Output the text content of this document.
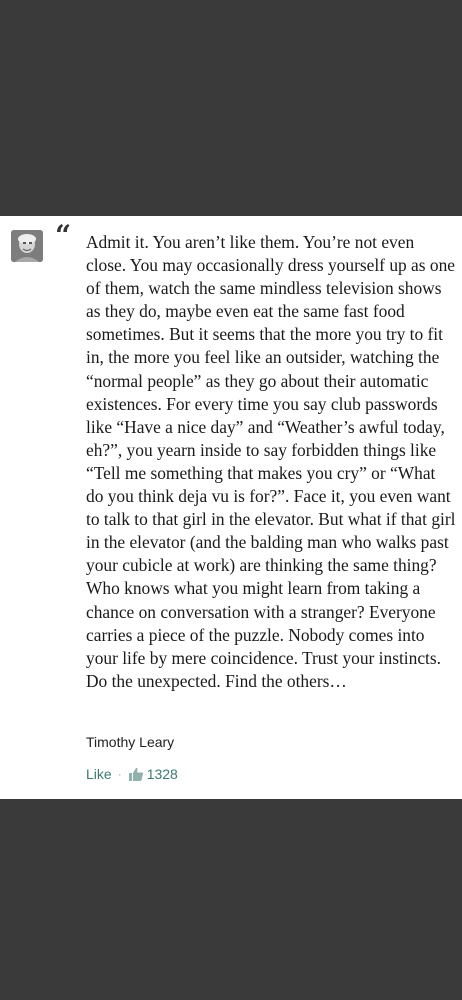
“ Admit it. You aren’t like them. You’re not even close. You may occasionally dress yourself up as one of them, watch the same mindless television shows as they do, maybe even eat the same fast food sometimes. But it seems that the more you try to fit in, the more you feel like an outsider, watching the “normal people” as they go about their automatic existences. For every time you say club passwords like “Have a nice day” and “Weather’s awful today, eh?”, you yearn inside to say forbidden things like “Tell me something that makes you cry” or “What do you think deja vu is for?”. Face it, you even want to talk to that girl in the elevator. But what if that girl in the elevator (and the balding man who walks past your cubicle at work) are thinking the same thing? Who knows what you might learn from taking a chance on conversation with a stranger? Everyone carries a piece of the puzzle. Nobody comes into your life by mere coincidence. Trust your instincts. Do the unexpected. Find the others…

Timothy Leary
Like · 1328
